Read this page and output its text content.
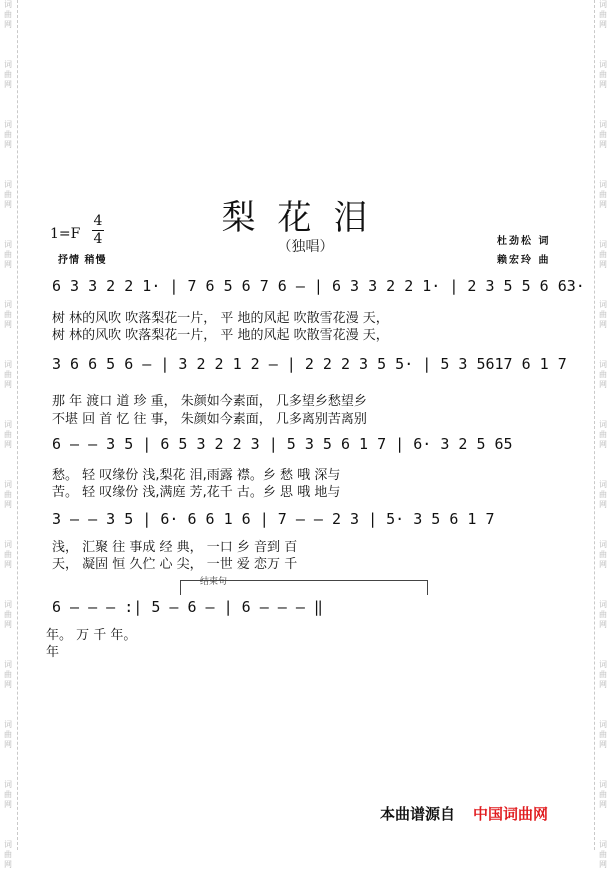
词
曲
网
词
曲
网
词
曲
网
词
曲
网
词
曲
网
词
曲
网
词
曲
网
词
曲
网
词
曲
网
词
曲
网
词
曲
网
词
曲
网
词
曲
网
词
曲
网
词
曲
网
词
曲
网
词
曲
网
词
曲
网
词
曲
网
词
曲
网
词
曲
网
词
曲
网
词
曲
网
词
曲
网
词
曲
网
词
曲
网
词
曲
网
词
曲
网
词
曲
网
词
曲
网
梨花泪
（独唱）
1=F
4
4
抒情 稍慢
杜劲松 词
赖宏玲 曲
6 3 3 2 2 1· | 7 6 5 6 7 6 — | 6 3 3 2 2 1· | 2 3 5 5 6 63·
树 林的风吹 吹落梨花一片， 平 地的风起 吹散雪花漫 天，
树 林的风吹 吹落梨花一片， 平 地的风起 吹散雪花漫 天，
3 6 6 5 6 — | 3 2 2 1 2 — | 2 2 2 3 5 5· | 5 3 5617 6 1 7
那 年 渡口 道 珍 重， 朱颜如今素面， 几多望乡愁望乡
不堪 回 首 忆 往 事， 朱颜如今素面， 几多离别苦离别
6 — — 3 5 | 6 5 3 2 2 3 | 5 3 5 6 1 7 | 6· 3 2 5 65
愁。 轻 叹缘份 浅,梨花 泪,雨露 襟。乡 愁 哦 深与
苦。 轻 叹缘份 浅,满庭 芳,花千 古。乡 思 哦 地与
3 — — 3 5 | 6· 6 6 1 6 | 7 — — 2 3 | 5· 3 5 6 1 7
浅， 汇聚 往 事成 经 典， 一口 乡 音到 百
天， 凝固 恒 久伫 心 尖， 一世 爱 恋万 千
结束句
6 — — — :| 5 — 6 — | 6 — — — ‖
年。 万 千 年。
年
本曲谱源自 中国词曲网
